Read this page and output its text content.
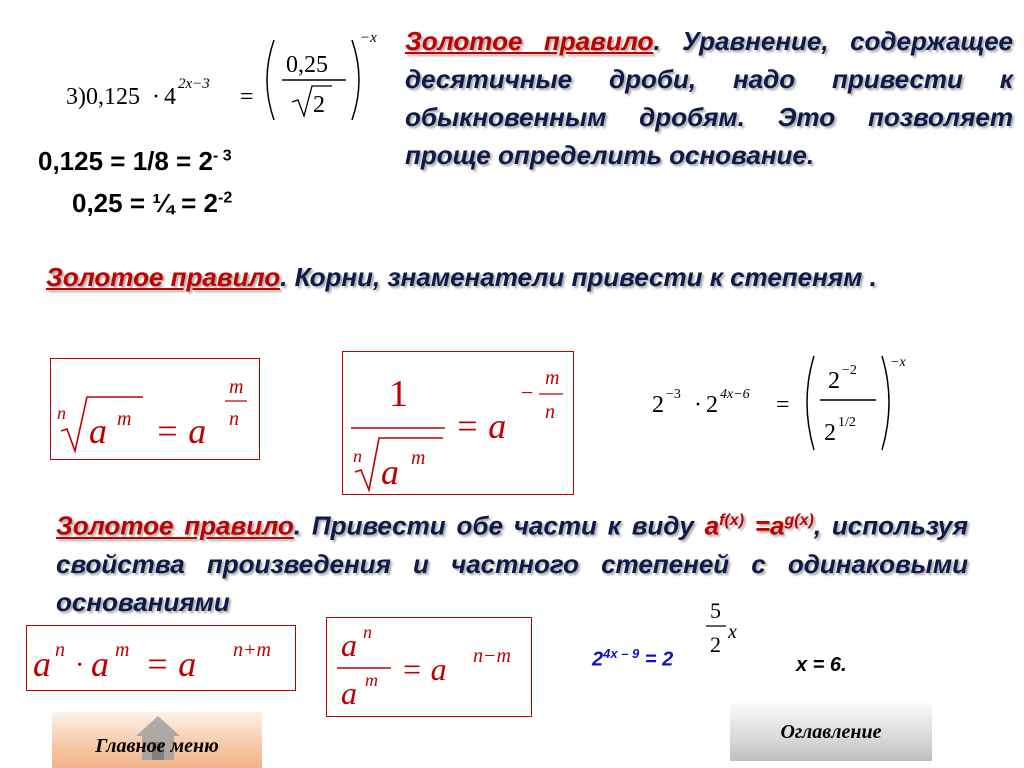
3)0,125 · 4 2x−3 =
0,25
2
−x
$0,125 = 1/8 = 2^{- 3}$
0,25 = ¼ = $2^{-2}$
Золотое правило. Уравнение, содержащее десятичные дроби, надо привести к обыкновенным дробям. Это позволяет проще определить основание.
Золотое правило. Корни, знаменатели привести к степеням .
n a m = a
m
n
1
n a m
= a
−
m
n	2 −3 · 2 4x−6 =
2 −2
2 1/2
−x
Золотое правило. Привести обе части к виду $a^{f(x)} =a^{g(x)}$, используя свойства произведения и частного степеней с одинаковыми основаниями
a n · a m = a n+m a n
a m = a n−m	$2^{4x - 9} = 2$
5
2 x
x = 6.
Главное меню
Оглавление
